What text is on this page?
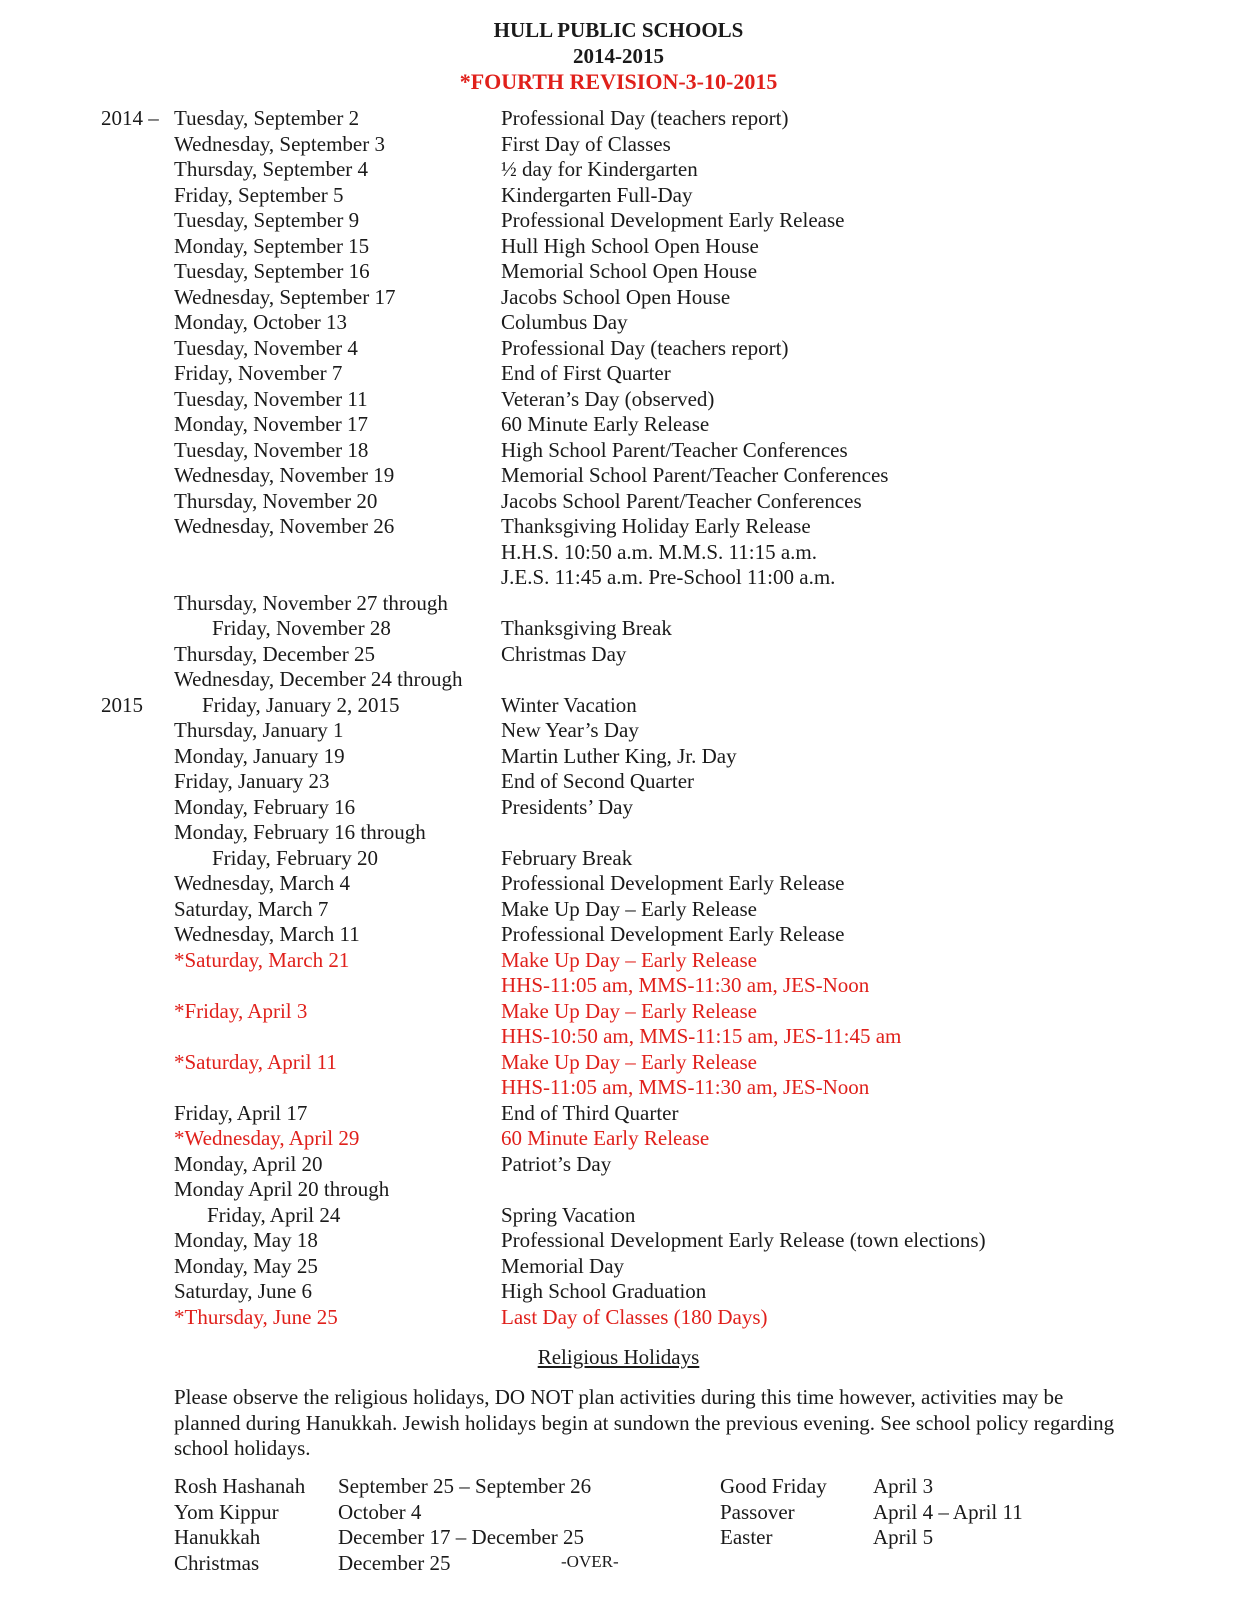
HULL PUBLIC SCHOOLS
2014-2015
*FOURTH REVISION-3-10-2015
2014 – Tuesday, September 2	Professional Day (teachers report)
Wednesday, September 3	First Day of Classes
Thursday, September 4	½ day for Kindergarten
Friday, September 5	Kindergarten Full-Day
Tuesday, September 9	Professional Development Early Release
Monday, September 15	Hull High School Open House
Tuesday, September 16	Memorial School Open House
Wednesday, September 17	Jacobs School Open House
Monday, October 13	Columbus Day
Tuesday, November 4	Professional Day (teachers report)
Friday, November 7	End of First Quarter
Tuesday, November 11	Veteran’s Day (observed)
Monday, November 17	60 Minute Early Release
Tuesday, November 18	High School Parent/Teacher Conferences
Wednesday, November 19	Memorial School Parent/Teacher Conferences
Thursday, November 20	Jacobs School Parent/Teacher Conferences
Wednesday, November 26	Thanksgiving Holiday Early Release
H.H.S. 10:50 a.m. M.M.S. 11:15 a.m.
J.E.S. 11:45 a.m. Pre-School 11:00 a.m.
Thursday, November 27 through
Friday, November 28	Thanksgiving Break
Thursday, December 25	Christmas Day
Wednesday, December 24 through
2015	Friday, January 2, 2015	Winter Vacation
Thursday, January 1	New Year’s Day
Monday, January 19	Martin Luther King, Jr. Day
Friday, January 23	End of Second Quarter
Monday, February 16	Presidents’ Day
Monday, February 16 through
Friday, February 20	February Break
Wednesday, March 4	Professional Development Early Release
Saturday, March 7	Make Up Day – Early Release
Wednesday, March 11	Professional Development Early Release
*Saturday, March 21	Make Up Day – Early Release
HHS-11:05 am, MMS-11:30 am, JES-Noon
*Friday, April 3	Make Up Day – Early Release
HHS-10:50 am, MMS-11:15 am, JES-11:45 am
*Saturday, April 11	Make Up Day – Early Release
HHS-11:05 am, MMS-11:30 am, JES-Noon
Friday, April 17	End of Third Quarter
*Wednesday, April 29	60 Minute Early Release
Monday, April 20	Patriot’s Day
Monday April 20 through
Friday, April 24	Spring Vacation
Monday, May 18	Professional Development Early Release (town elections)
Monday, May 25	Memorial Day
Saturday, June 6	High School Graduation
*Thursday, June 25	Last Day of Classes (180 Days)
Religious Holidays
Please observe the religious holidays, DO NOT plan activities during this time however, activities may be planned during Hanukkah. Jewish holidays begin at sundown the previous evening. See school policy regarding school holidays.
Rosh Hashanah September 25 – September 26	Good Friday April 3
Yom Kippur	October 4	Passover	April 4 – April 11
Hanukkah	December 17 – December 25	Easter	April 5
Christmas	December 25	-OVER-
